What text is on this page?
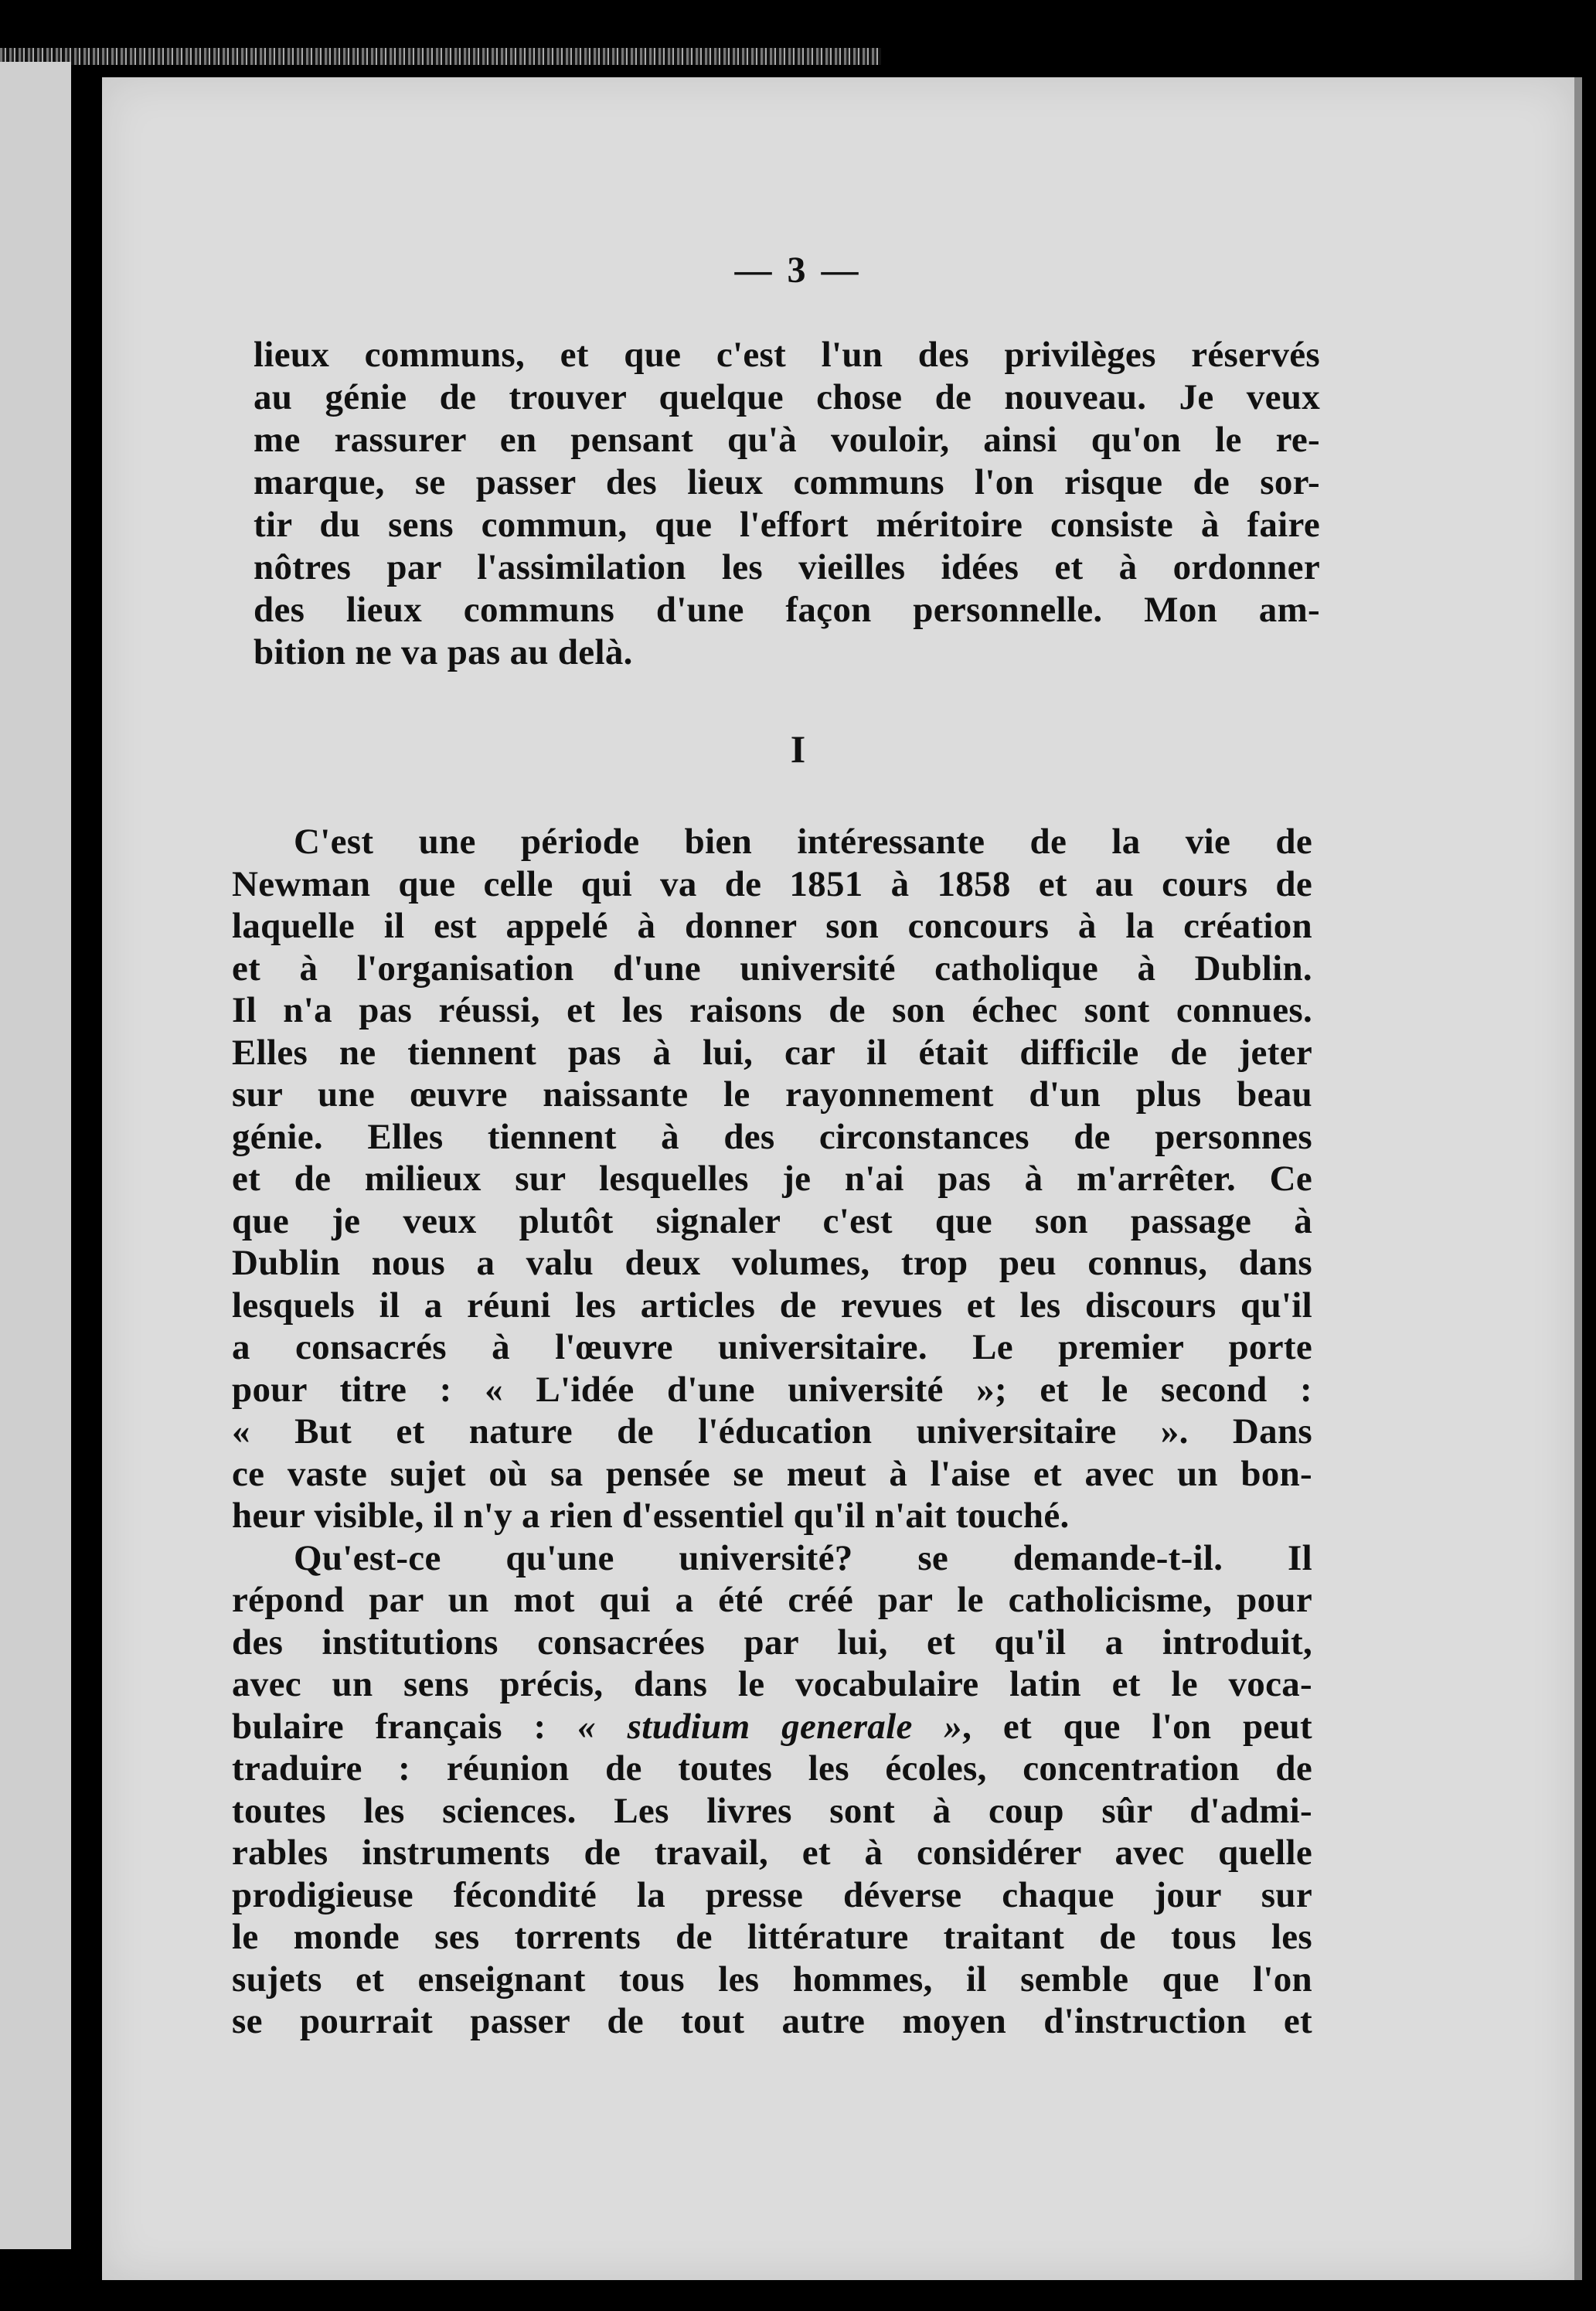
— 3 —
lieux communs, et que c'est l'un des privilèges réservés
au génie de trouver quelque chose de nouveau. Je veux
me rassurer en pensant qu'à vouloir, ainsi qu'on le re-
marque, se passer des lieux communs l'on risque de sor-
tir du sens commun, que l'effort méritoire consiste à faire
nôtres par l'assimilation les vieilles idées et à ordonner
des lieux communs d'une façon personnelle. Mon am-
bition ne va pas au delà.
I
C'est une période bien intéressante de la vie de
Newman que celle qui va de 1851 à 1858 et au cours de
laquelle il est appelé à donner son concours à la création
et à l'organisation d'une université catholique à Dublin.
Il n'a pas réussi, et les raisons de son échec sont connues.
Elles ne tiennent pas à lui, car il était difficile de jeter
sur une œuvre naissante le rayonnement d'un plus beau
génie. Elles tiennent à des circonstances de personnes
et de milieux sur lesquelles je n'ai pas à m'arrêter. Ce
que je veux plutôt signaler c'est que son passage à
Dublin nous a valu deux volumes, trop peu connus, dans
lesquels il a réuni les articles de revues et les discours qu'il
a consacrés à l'œuvre universitaire. Le premier porte
pour titre : « L'idée d'une université »; et le second :
« But et nature de l'éducation universitaire ». Dans
ce vaste sujet où sa pensée se meut à l'aise et avec un bon-
heur visible, il n'y a rien d'essentiel qu'il n'ait touché.
Qu'est-ce qu'une université? se demande-t-il. Il
répond par un mot qui a été créé par le catholicisme, pour
des institutions consacrées par lui, et qu'il a introduit,
avec un sens précis, dans le vocabulaire latin et le voca-
bulaire français : « studium generale », et que l'on peut
traduire : réunion de toutes les écoles, concentration de
toutes les sciences. Les livres sont à coup sûr d'admi-
rables instruments de travail, et à considérer avec quelle
prodigieuse fécondité la presse déverse chaque jour sur
le monde ses torrents de littérature traitant de tous les
sujets et enseignant tous les hommes, il semble que l'on
se pourrait passer de tout autre moyen d'instruction et
